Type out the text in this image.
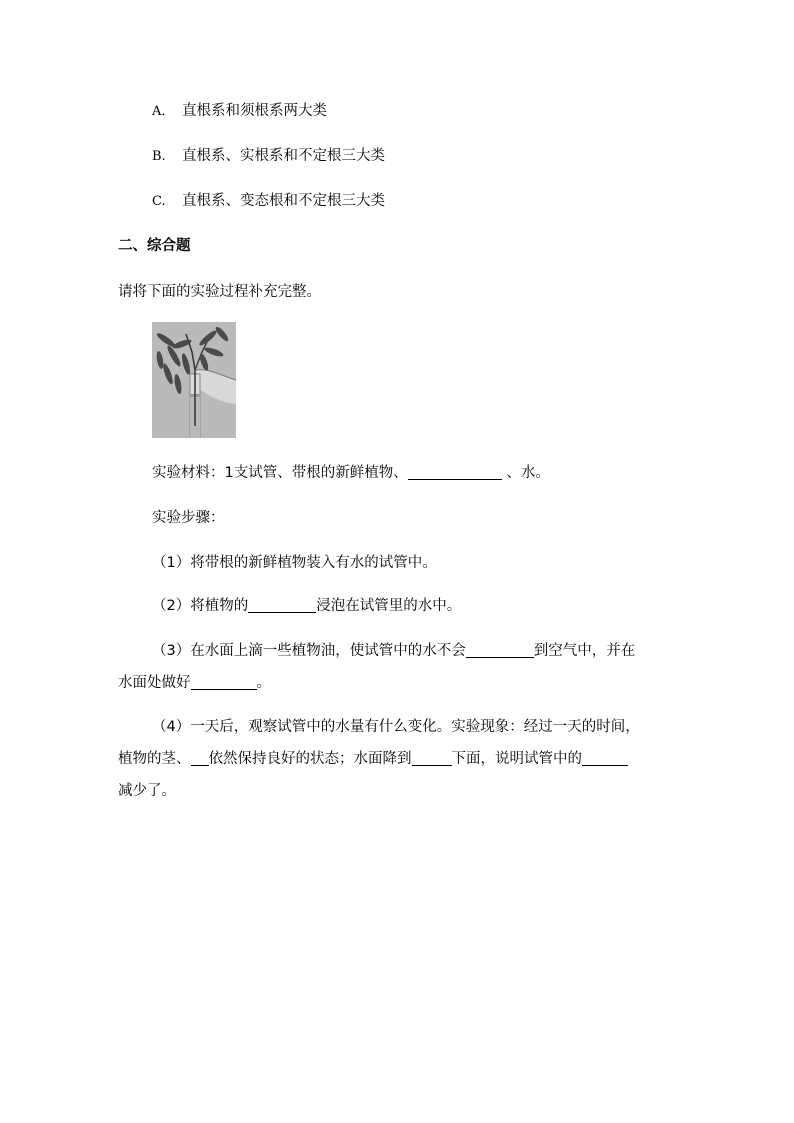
A． 直根系和须根系两大类
B. 直根系、实根系和不定根三大类
C. 直根系、变态根和不定根三大类
二、综合题
请将下面的实验过程补充完整。
实验材料：1支试管、带根的新鲜植物、	、水。
实验步骤：
（1）将带根的新鲜植物装入有水的试管中。
（2）将植物的	浸泡在试管里的水中。
（3）在水面上滴一些植物油，使试管中的水不会	到空气中，并在
水面处做好	。
（4）一天后，观察试管中的水量有什么变化。实验现象：经过一天的时间，
植物的茎、 依然保持良好的状态；水面降到	下面，说明试管中的
减少了。
